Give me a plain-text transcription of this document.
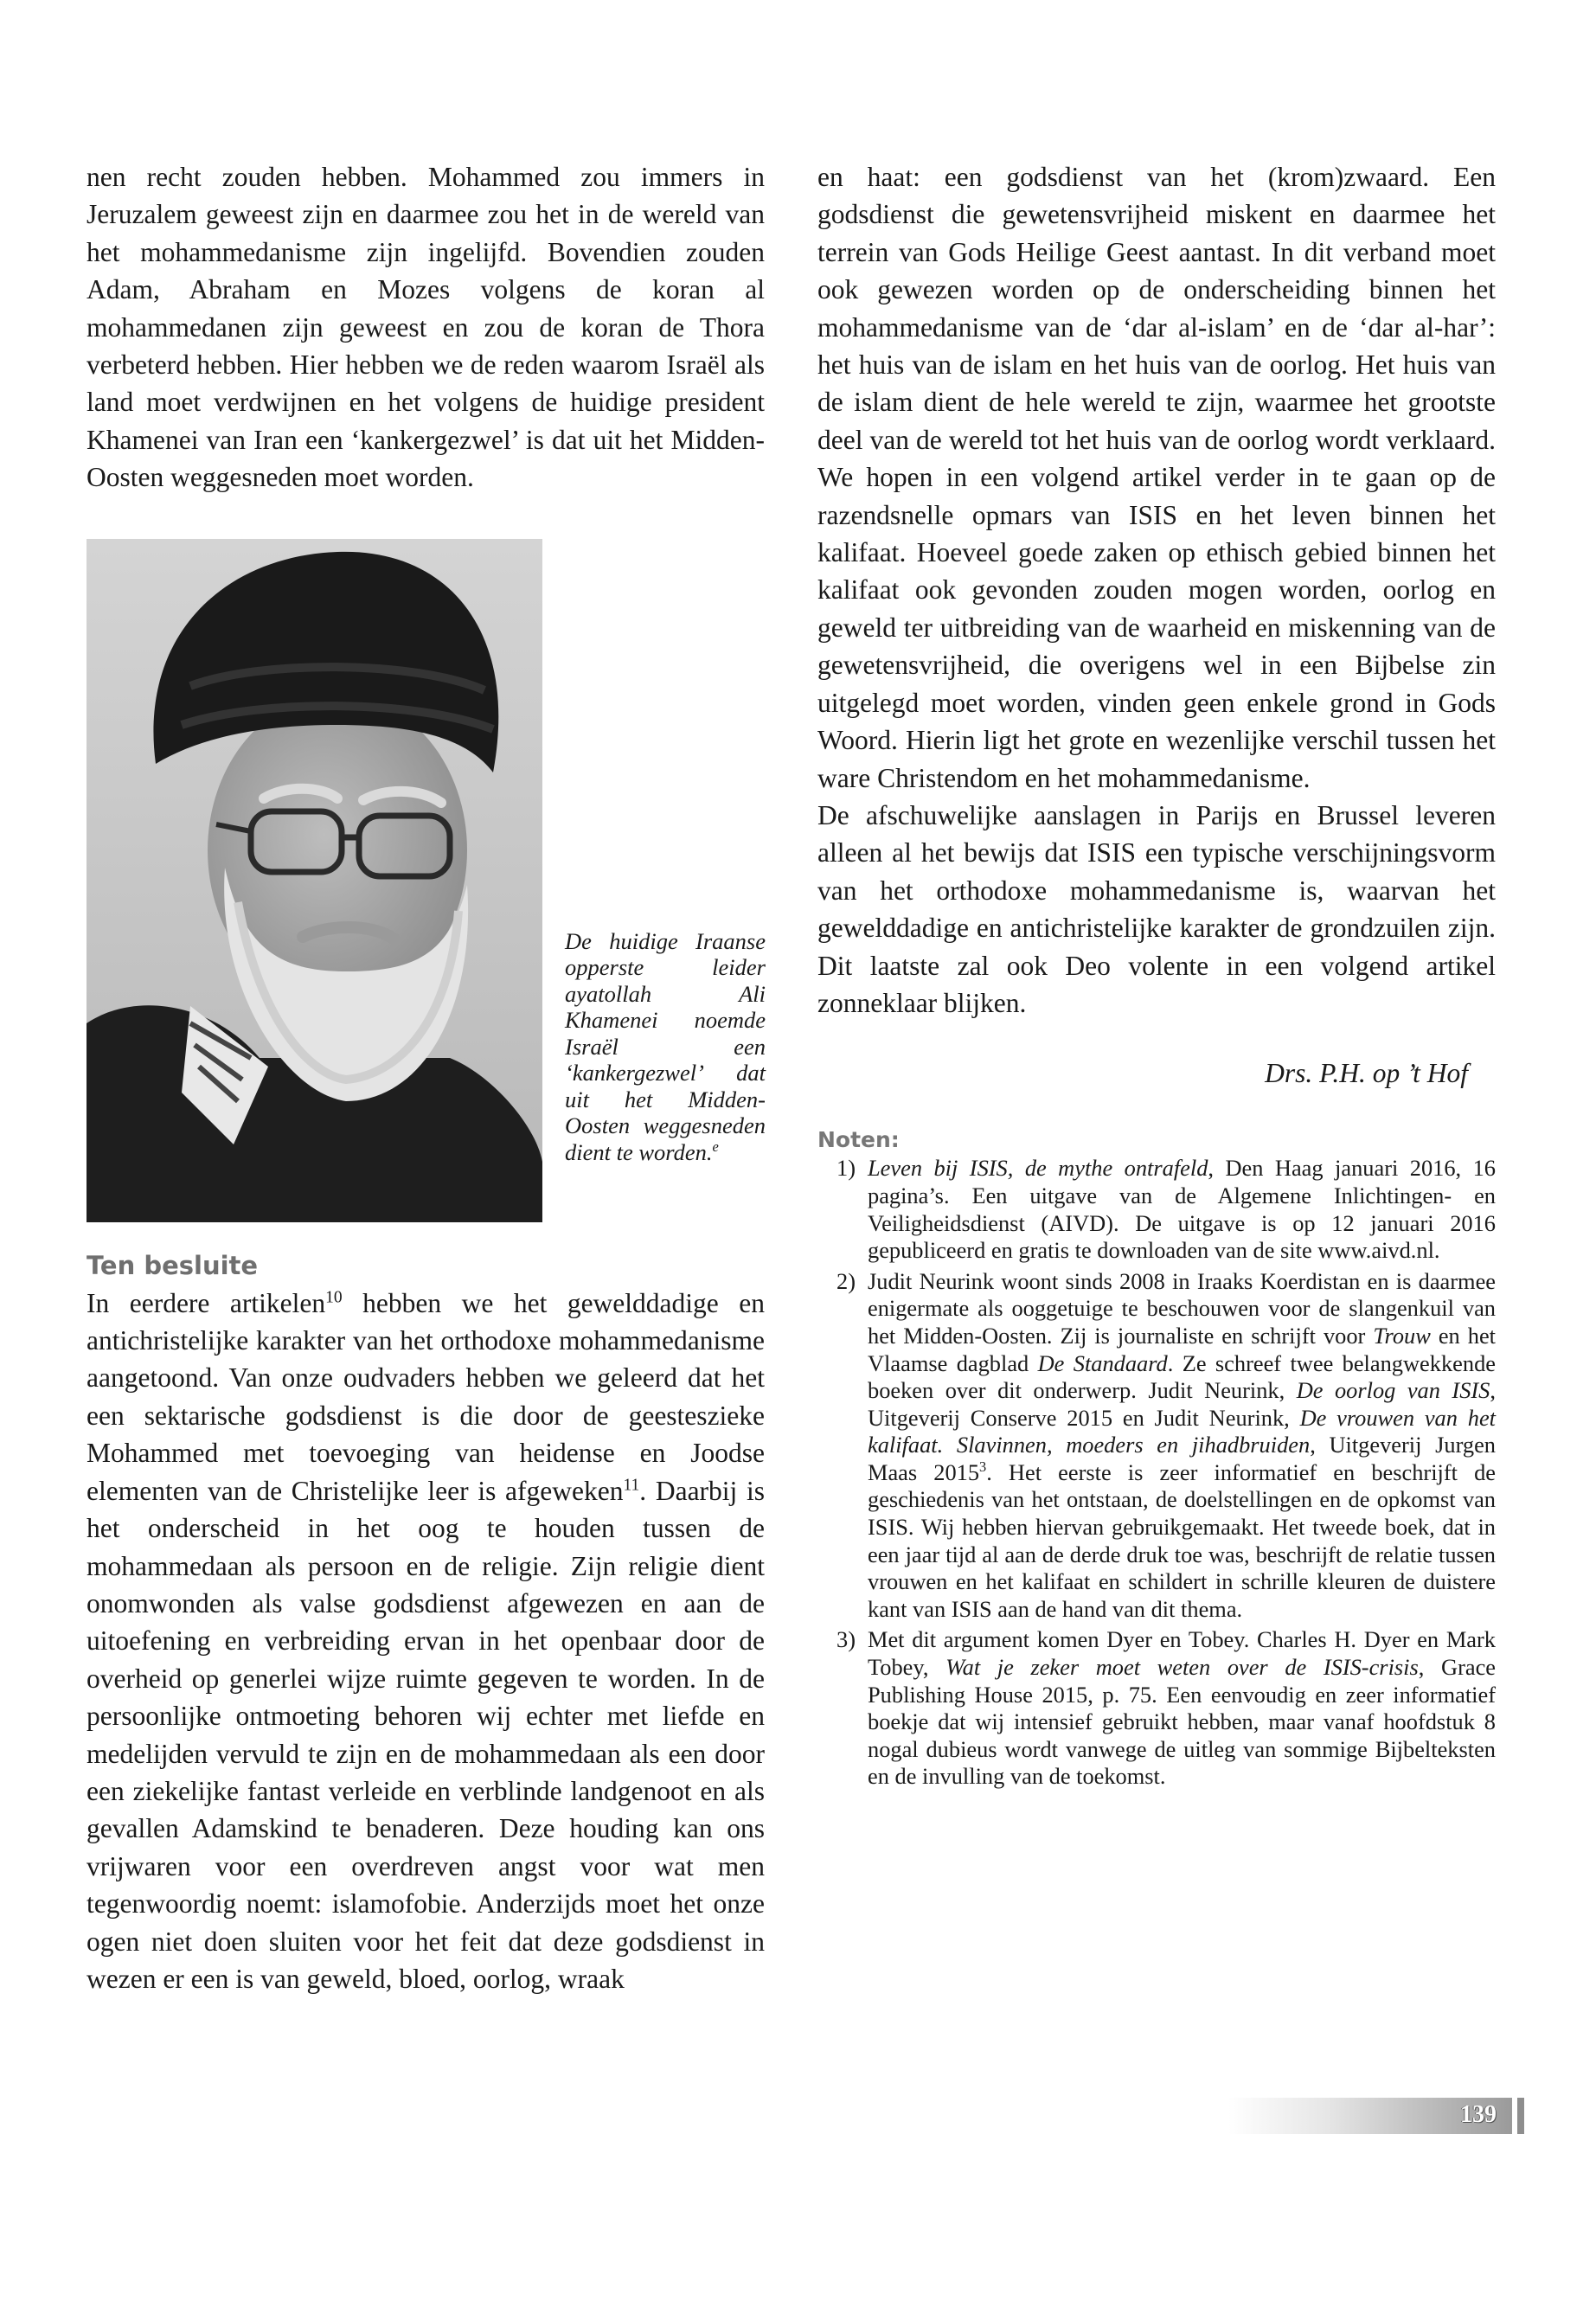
nen recht zouden hebben. Mohammed zou immers in Jeruzalem geweest zijn en daarmee zou het in de wereld van het mohammedanisme zijn ingelijfd. Bovendien zouden Adam, Abraham en Mozes volgens de koran al mohammedanen zijn geweest en zou de koran de Thora verbeterd hebben. Hier hebben we de reden waarom Israël als land moet verdwijnen en het volgens de huidige president Khamenei van Iran een ‘kankergezwel’ is dat uit het Midden-Oosten weggesneden moet worden.

De huidige Iraanse opperste leider ayatollah Ali Khamenei noemde Israël een ‘kankergezwel’ dat uit het Midden-Oosten weggesneden dient te worden.$^e$
Ten besluite

In eerdere artikelen$^{10}$ hebben we het gewelddadige en antichristelijke karakter van het orthodoxe mohammedanisme aangetoond. Van onze oudvaders hebben we geleerd dat het een sektarische godsdienst is die door de geesteszieke Mohammed met toevoeging van heidense en Joodse elementen van de Christelijke leer is afgeweken$^{11}$. Daarbij is het onderscheid in het oog te houden tussen de mohammedaan als persoon en de religie. Zijn religie dient onomwonden als valse godsdienst afgewezen en aan de uitoefening en verbreiding ervan in het openbaar door de overheid op generlei wijze ruimte gegeven te worden. In de persoonlijke ontmoeting behoren wij echter met liefde en medelijden vervuld te zijn en de mohammedaan als een door een ziekelijke fantast verleide en verblinde landgenoot en als gevallen Adamskind te benaderen. Deze houding kan ons vrijwaren voor een overdreven angst voor wat men tegenwoordig noemt: islamofobie. Anderzijds moet het onze ogen niet doen sluiten voor het feit dat deze godsdienst in wezen er een is van geweld, bloed, oorlog, wraak

en haat: een godsdienst van het (krom)zwaard. Een godsdienst die gewetensvrijheid miskent en daarmee het terrein van Gods Heilige Geest aantast. In dit verband moet ook gewezen worden op de onderscheiding binnen het mohammedanisme van de ‘dar al-islam’ en de ‘dar al-har’: het huis van de islam en het huis van de oorlog. Het huis van de islam dient de hele wereld te zijn, waarmee het grootste deel van de wereld tot het huis van de oorlog wordt verklaard. We hopen in een volgend artikel verder in te gaan op de razendsnelle opmars van ISIS en het leven binnen het kalifaat. Hoeveel goede zaken op ethisch gebied binnen het kalifaat ook gevonden zouden mogen worden, oorlog en geweld ter uitbreiding van de waarheid en miskenning van de gewetensvrijheid, die overigens wel in een Bijbelse zin uitgelegd moet worden, vinden geen enkele grond in Gods Woord. Hierin ligt het grote en wezenlijke verschil tussen het ware Christendom en het mohammedanisme.

De afschuwelijke aanslagen in Parijs en Brussel leveren alleen al het bewijs dat ISIS een typische verschijningsvorm van het orthodoxe mohammedanisme is, waarvan het gewelddadige en antichristelijke karakter de grondzuilen zijn. Dit laatste zal ook Deo volente in een volgend artikel zonneklaar blijken.

Drs. P.H. op ’t Hof
Noten:
1) Leven bij ISIS, de mythe ontrafeld, Den Haag januari 2016, 16 pagina’s. Een uitgave van de Algemene Inlichtingen- en Veiligheidsdienst (AIVD). De uitgave is op 12 januari 2016 gepubliceerd en gratis te downloaden van de site www.aivd.nl.
2) Judit Neurink woont sinds 2008 in Iraaks Koerdistan en is daarmee enigermate als ooggetuige te beschouwen voor de slangenkuil van het Midden-Oosten. Zij is journaliste en schrijft voor Trouw en het Vlaamse dagblad De Standaard. Ze schreef twee belangwekkende boeken over dit onderwerp. Judit Neurink, De oorlog van ISIS, Uitgeverij Conserve 2015 en Judit Neurink, De vrouwen van het kalifaat. Slavinnen, moeders en jihadbruiden, Uitgeverij Jurgen Maas 2015$^3$. Het eerste is zeer informatief en beschrijft de geschiedenis van het ontstaan, de doelstellingen en de opkomst van ISIS. Wij hebben hiervan gebruikgemaakt. Het tweede boek, dat in een jaar tijd al aan de derde druk toe was, beschrijft de relatie tussen vrouwen en het kalifaat en schildert in schrille kleuren de duistere kant van ISIS aan de hand van dit thema.
3) Met dit argument komen Dyer en Tobey. Charles H. Dyer en Mark Tobey, Wat je zeker moet weten over de ISIS-crisis, Grace Publishing House 2015, p. 75. Een eenvoudig en zeer informatief boekje dat wij intensief gebruikt hebben, maar vanaf hoofdstuk 8 nogal dubieus wordt vanwege de uitleg van sommige Bijbelteksten en de invulling van de toekomst.
139
